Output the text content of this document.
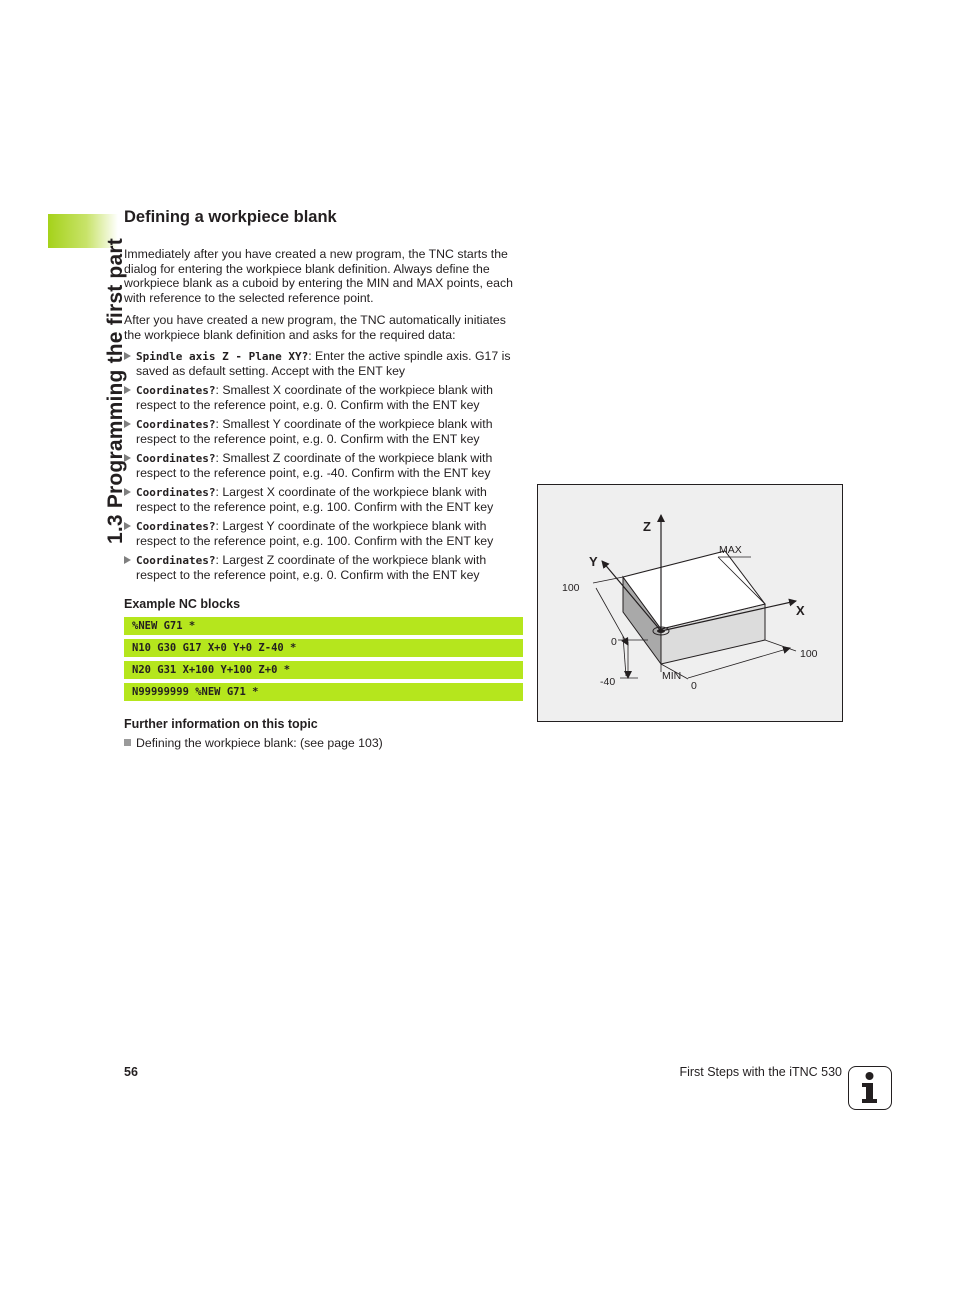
1.3 Programming the first part
Defining a workpiece blank

Immediately after you have created a new program, the TNC starts the dialog for entering the workpiece blank definition. Always define the workpiece blank as a cuboid by entering the MIN and MAX points, each with reference to the selected reference point.

After you have created a new program, the TNC automatically initiates the workpiece blank definition and asks for the required data:

Spindle axis Z - Plane XY?: Enter the active spindle axis. G17 is saved as default setting. Accept with the ENT key
Coordinates?: Smallest X coordinate of the workpiece blank with respect to the reference point, e.g. 0. Confirm with the ENT key
Coordinates?: Smallest Y coordinate of the workpiece blank with respect to the reference point, e.g. 0. Confirm with the ENT key
Coordinates?: Smallest Z coordinate of the workpiece blank with respect to the reference point, e.g. -40. Confirm with the ENT key
Coordinates?: Largest X coordinate of the workpiece blank with respect to the reference point, e.g. 100. Confirm with the ENT key
Coordinates?: Largest Y coordinate of the workpiece blank with respect to the reference point, e.g. 100. Confirm with the ENT key
Coordinates?: Largest Z coordinate of the workpiece blank with respect to the reference point, e.g. 0. Confirm with the ENT key
Example NC blocks
%NEW G71 *
N10 G30 G17 X+0 Y+0 Z-40 *
N20 G31 X+100 Y+100 Z+0 *
N99999999 %NEW G71 *
Further information on this topic
Defining the workpiece blank: (see page 103)
Z
Y
X
MAX
MIN
100
0
-40
100
0
56	First Steps with the iTNC 530
